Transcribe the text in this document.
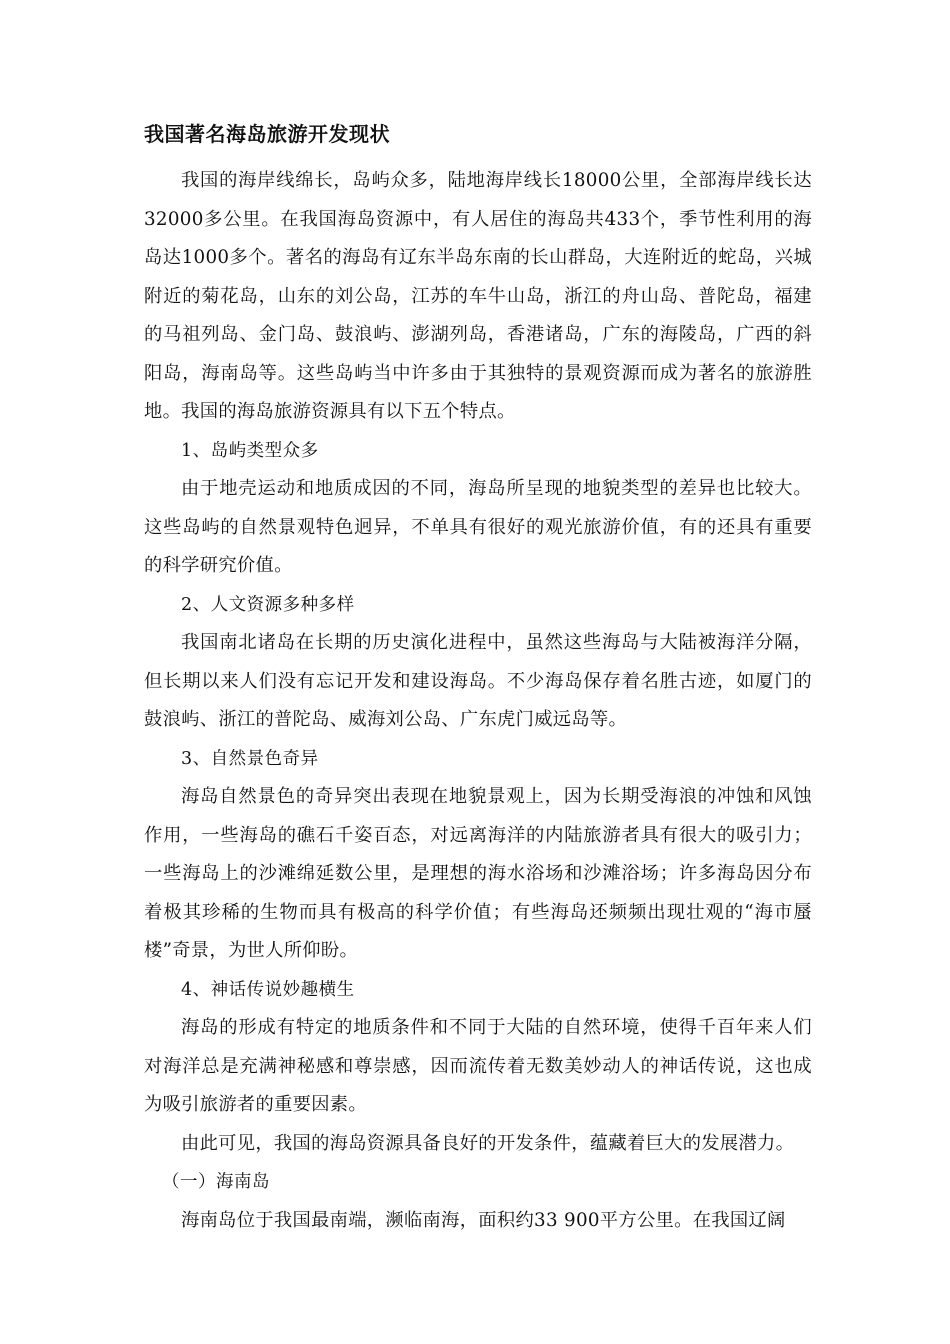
我国著名海岛旅游开发现状

我国的海岸线绵长，岛屿众多，陆地海岸线长18000公里，全部海岸线长达32000多公里。在我国海岛资源中，有人居住的海岛共433个，季节性利用的海岛达1000多个。著名的海岛有辽东半岛东南的长山群岛，大连附近的蛇岛，兴城附近的菊花岛，山东的刘公岛，江苏的车牛山岛，浙江的舟山岛、普陀岛，福建的马祖列岛、金门岛、鼓浪屿、澎湖列岛，香港诸岛，广东的海陵岛，广西的斜阳岛，海南岛等。这些岛屿当中许多由于其独特的景观资源而成为著名的旅游胜地。我国的海岛旅游资源具有以下五个特点。

1、岛屿类型众多

由于地壳运动和地质成因的不同，海岛所呈现的地貌类型的差异也比较大。这些岛屿的自然景观特色迥异，不单具有很好的观光旅游价值，有的还具有重要的科学研究价值。

2、人文资源多种多样

我国南北诸岛在长期的历史演化进程中，虽然这些海岛与大陆被海洋分隔，但长期以来人们没有忘记开发和建设海岛。不少海岛保存着名胜古迹，如厦门的鼓浪屿、浙江的普陀岛、威海刘公岛、广东虎门威远岛等。

3、自然景色奇异

海岛自然景色的奇异突出表现在地貌景观上，因为长期受海浪的冲蚀和风蚀作用，一些海岛的礁石千姿百态，对远离海洋的内陆旅游者具有很大的吸引力；一些海岛上的沙滩绵延数公里，是理想的海水浴场和沙滩浴场；许多海岛因分布着极其珍稀的生物而具有极高的科学价值；有些海岛还频频出现壮观的“海市蜃楼”奇景，为世人所仰盼。

4、神话传说妙趣横生

海岛的形成有特定的地质条件和不同于大陆的自然环境，使得千百年来人们对海洋总是充满神秘感和尊崇感，因而流传着无数美妙动人的神话传说，这也成为吸引旅游者的重要因素。

由此可见，我国的海岛资源具备良好的开发条件，蕴藏着巨大的发展潜力。

（一）海南岛

海南岛位于我国最南端，濒临南海，面积约33 900平方公里。在我国辽阔
